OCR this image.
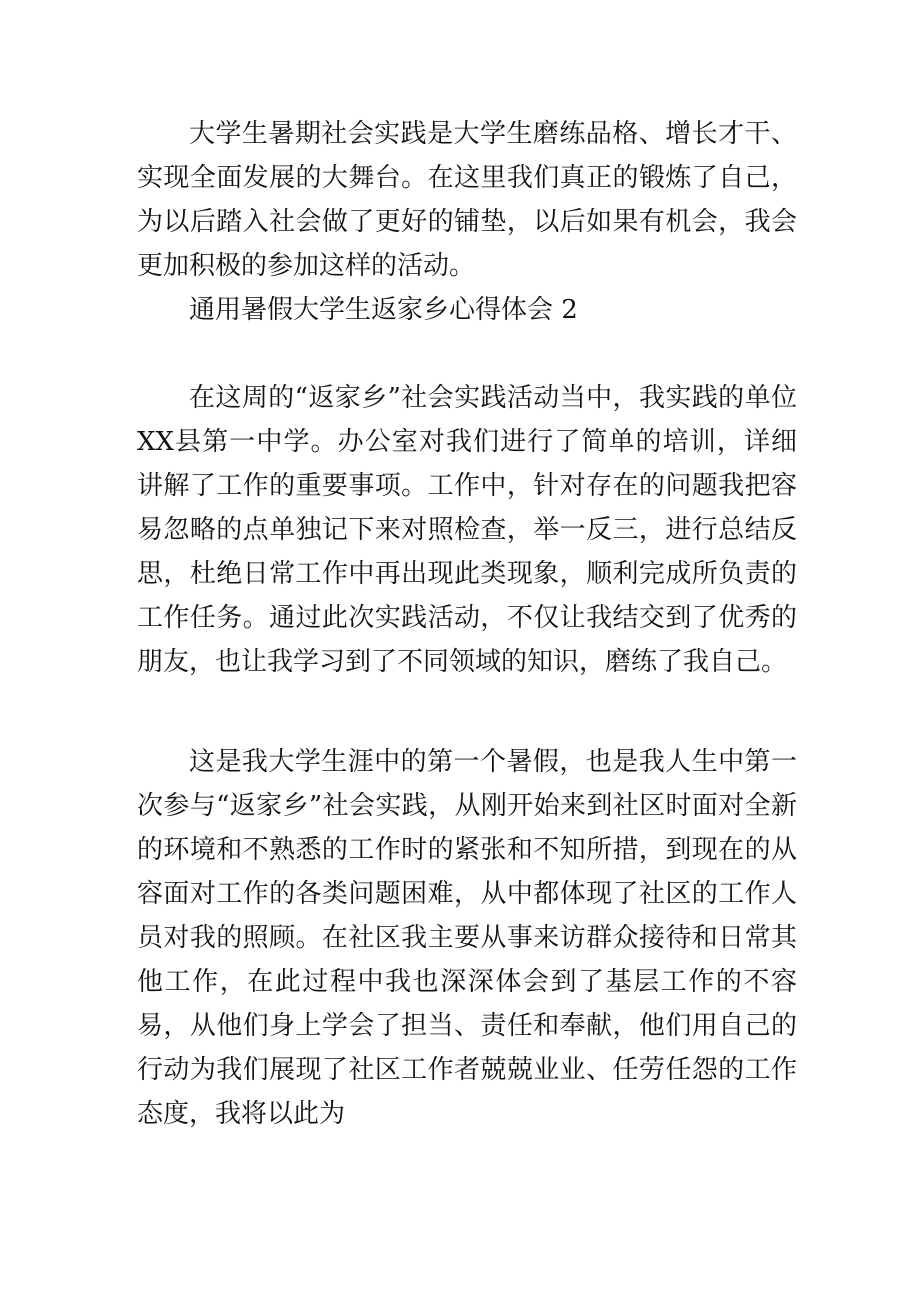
大学生暑期社会实践是大学生磨练品格、增长才干、实现全面发展的大舞台。在这里我们真正的锻炼了自己，为以后踏入社会做了更好的铺垫，以后如果有机会，我会更加积极的参加这样的活动。

通用暑假大学生返家乡心得体会 2

在这周的“返家乡”社会实践活动当中，我实践的单位XX县第一中学。办公室对我们进行了简单的培训，详细讲解了工作的重要事项。工作中，针对存在的问题我把容易忽略的点单独记下来对照检查，举一反三，进行总结反思，杜绝日常工作中再出现此类现象，顺利完成所负责的工作任务。通过此次实践活动，不仅让我结交到了优秀的朋友，也让我学习到了不同领域的知识，磨练了我自己。

这是我大学生涯中的第一个暑假，也是我人生中第一次参与“返家乡”社会实践，从刚开始来到社区时面对全新的环境和不熟悉的工作时的紧张和不知所措，到现在的从容面对工作的各类问题困难，从中都体现了社区的工作人员对我的照顾。在社区我主要从事来访群众接待和日常其他工作，在此过程中我也深深体会到了基层工作的不容易，从他们身上学会了担当、责任和奉献，他们用自己的行动为我们展现了社区工作者兢兢业业、任劳任怨的工作态度，我将以此为
